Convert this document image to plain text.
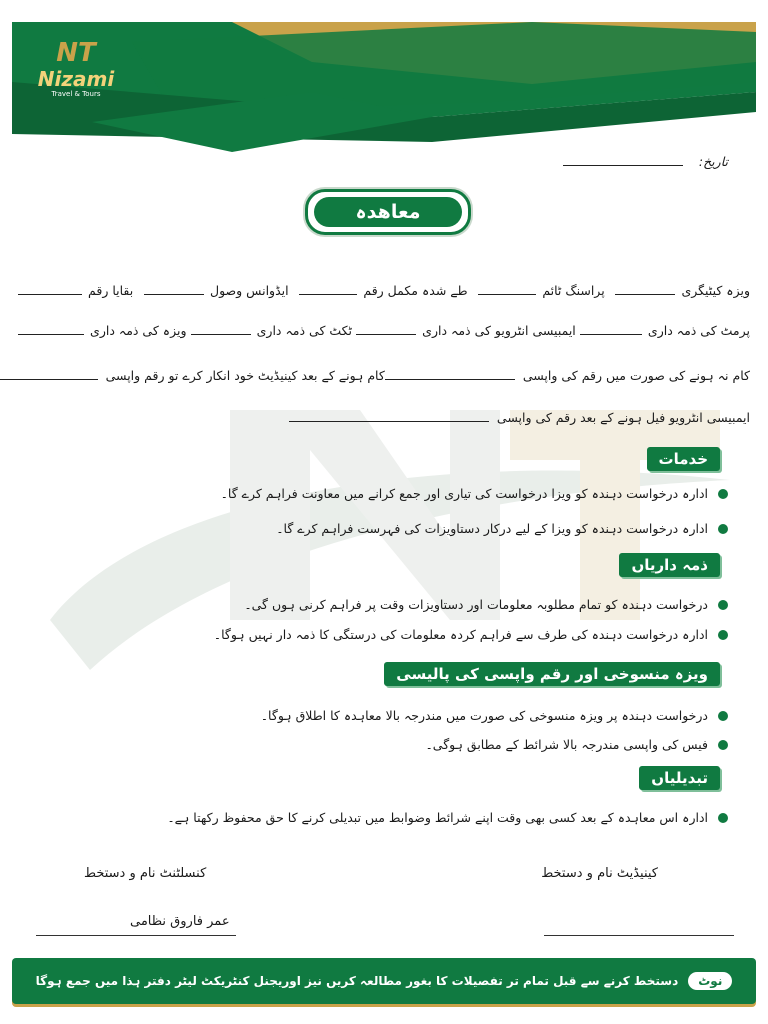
NT
Nizami
Travel & Tours
تاریخ:
معاهدہ
ویزہ کیٹیگری
پراسنگ ٹائم
طے شدہ مکمل رقم
ایڈوانس وصول
بقایا رقم
پرمٹ کی ذمہ داری
ایمبیسی انٹرویو کی ذمہ داری
ٹکٹ کی ذمہ داری
ویزہ کی ذمہ داری
کام نہ ہونے کی صورت میں رقم کی واپسی
کام ہونے کے بعد کینیڈیٹ خود انکار کرے تو رقم واپسی
ایمبیسی انٹرویو فیل ہونے کے بعد رقم کی واپسی
خدمات
ادارہ درخواست دہندہ کو ویزا درخواست کی تیاری اور جمع کرانے میں معاونت فراہم کرے گا۔
ادارہ درخواست دہندہ کو ویزا کے لیے درکار دستاویزات کی فہرست فراہم کرے گا۔
ذمہ داریاں
درخواست دہندہ کو تمام مطلوبہ معلومات اور دستاویزات وقت پر فراہم کرنی ہوں گی۔
ادارہ درخواست دہندہ کی طرف سے فراہم کردہ معلومات کی درستگی کا ذمہ دار نہیں ہوگا۔
ویزہ منسوخی اور رقم واپسی کی پالیسی
درخواست دہندہ پر ویزہ منسوخی کی صورت میں مندرجہ بالا معاہدہ کا اطلاق ہوگا۔
فیس کی واپسی مندرجہ بالا شرائط کے مطابق ہوگی۔
تبدیلیاں
ادارہ اس معاہدہ کے بعد کسی بھی وقت اپنے شرائط وضوابط میں تبدیلی کرنے کا حق محفوظ رکھتا ہے۔
کنسلٹنٹ نام و دستخط	کینیڈیٹ نام و دستخط
عمر فاروق نظامی
نوٹ
دستخط کرنے سے قبل تمام تر تفصیلات کا بغور مطالعہ کریں نیز اوریجنل کنٹریکٹ لیٹر دفتر ہذا میں جمع ہوگا
